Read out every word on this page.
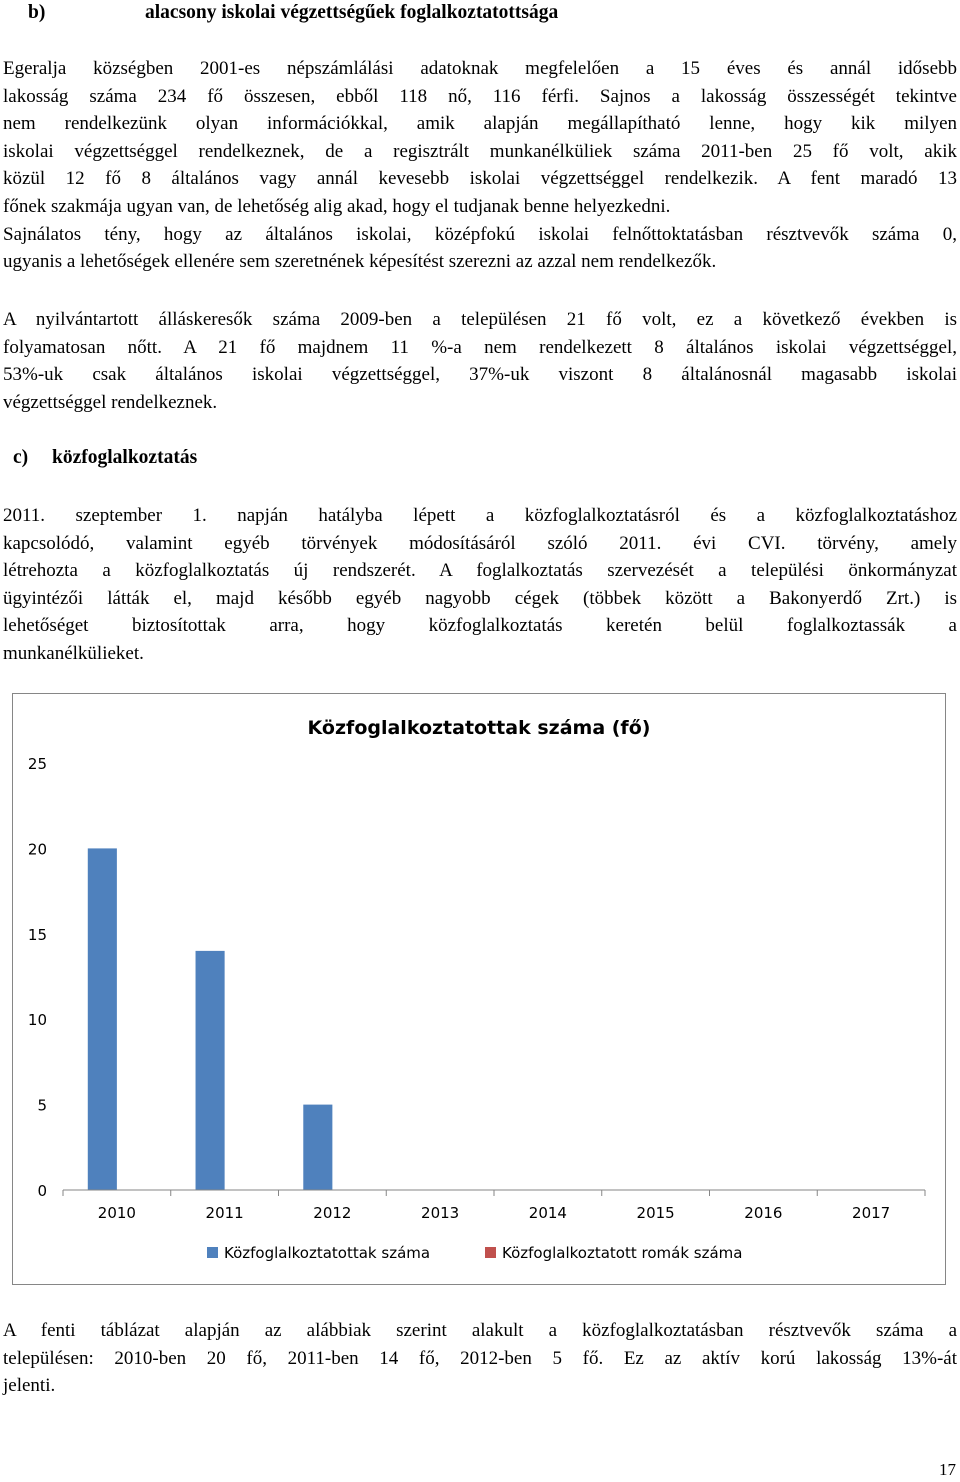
b)	alacsony iskolai végzettségűek foglalkoztatottsága
Egeralja községben 2001-es népszámlálási adatoknak megfelelően a 15 éves és annál idősebb
lakosság száma 234 fő összesen, ebből 118 nő, 116 férfi. Sajnos a lakosság összességét tekintve
nem rendelkezünk olyan információkkal, amik alapján megállapítható lenne, hogy kik milyen
iskolai végzettséggel rendelkeznek, de a regisztrált munkanélküliek száma 2011-ben 25 fő volt, akik
közül 12 fő 8 általános vagy annál kevesebb iskolai végzettséggel rendelkezik. A fent maradó 13
főnek szakmája ugyan van, de lehetőség alig akad, hogy el tudjanak benne helyezkedni.
Sajnálatos tény, hogy az általános iskolai, középfokú iskolai felnőttoktatásban résztvevők száma 0,
ugyanis a lehetőségek ellenére sem szeretnének képesítést szerezni az azzal nem rendelkezők.
A nyilvántartott álláskeresők száma 2009-ben a településen 21 fő volt, ez a következő években is
folyamatosan nőtt. A 21 fő majdnem 11 %-a nem rendelkezett 8 általános iskolai végzettséggel,
53%-uk csak általános iskolai végzettséggel, 37%-uk viszont 8 általánosnál magasabb iskolai
végzettséggel rendelkeznek.
c) közfoglalkoztatás
2011. szeptember 1. napján hatályba lépett a közfoglalkoztatásról és a közfoglalkoztatáshoz
kapcsolódó, valamint egyéb törvények módosításáról szóló 2011. évi CVI. törvény, amely
létrehozta a közfoglalkoztatás új rendszerét. A foglalkoztatás szervezését a települési önkormányzat
ügyintézői látták el, majd később egyéb nagyobb cégek (többek között a Bakonyerdő Zrt.) is
lehetőséget biztosítottak arra, hogy közfoglalkoztatás keretén belül foglalkoztassák a
munkanélkülieket.
Közfoglalkoztatottak száma (fő)
0
5
10
15
20
25
2010	2011	2012	2013	2014	2015	2016	2017
Közfoglalkoztatottak száma	Közfoglalkoztatott romák száma
A fenti táblázat alapján az alábbiak szerint alakult a közfoglalkoztatásban résztvevők száma a
településen: 2010-ben 20 fő, 2011-ben 14 fő, 2012-ben 5 fő. Ez az aktív korú lakosság 13%-át
jelenti.
17
